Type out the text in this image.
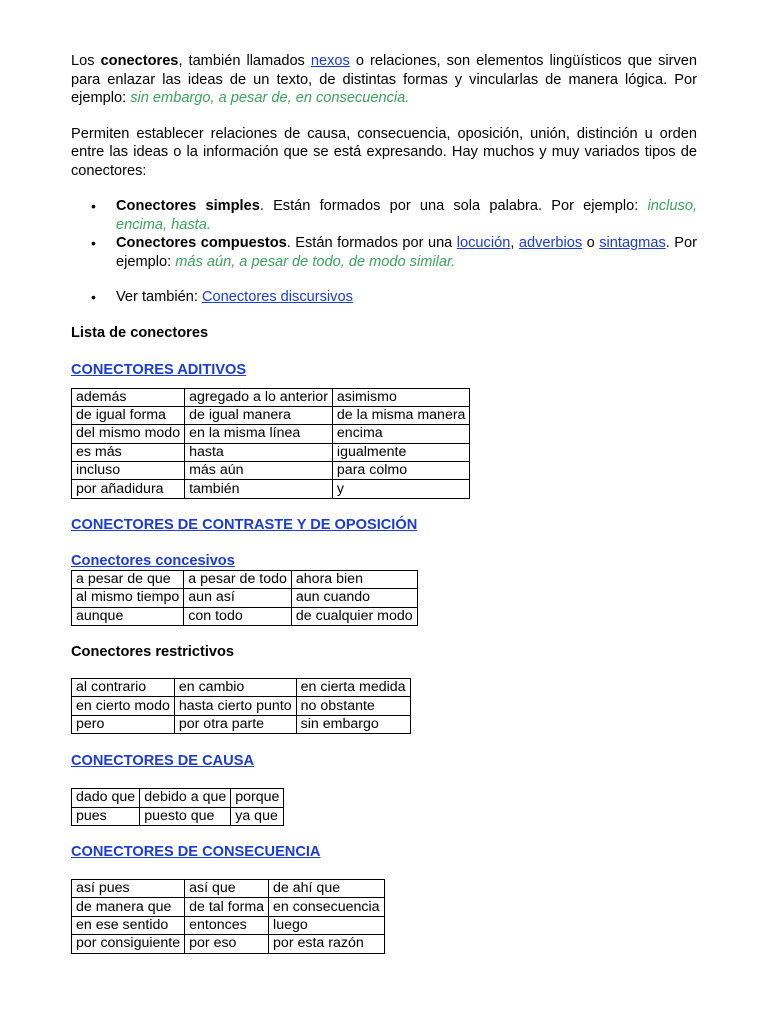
Los conectores, también llamados nexos o relaciones, son elementos lingüísticos que sirven para enlazar las ideas de un texto, de distintas formas y vincularlas de manera lógica. Por ejemplo: sin embargo, a pesar de, en consecuencia.

Permiten establecer relaciones de causa, consecuencia, oposición, unión, distinción u orden entre las ideas o la información que se está expresando. Hay muchos y muy variados tipos de conectores:

• Conectores simples. Están formados por una sola palabra. Por ejemplo: incluso, encima, hasta.
• Conectores compuestos. Están formados por una locución, adverbios o sintagmas. Por ejemplo: más aún, a pesar de todo, de modo similar.
• Ver también: Conectores discursivos

Lista de conectores

CONECTORES ADITIVOS

además	agregado a lo anterior	asimismo
de igual forma	de igual manera	de la misma manera
del mismo modo	en la misma línea	encima
es más	hasta	igualmente
incluso	más aún	para colmo
por añadidura	también	y

CONECTORES DE CONTRASTE Y DE OPOSICIÓN

Conectores concesivos

a pesar de que	a pesar de todo	ahora bien
al mismo tiempo	aun así	aun cuando
aunque	con todo	de cualquier modo

Conectores restrictivos

al contrario	en cambio	en cierta medida
en cierto modo	hasta cierto punto	no obstante
pero	por otra parte	sin embargo

CONECTORES DE CAUSA

dado que	debido a que	porque
pues	puesto que	ya que

CONECTORES DE CONSECUENCIA

así pues	así que	de ahí que
de manera que	de tal forma	en consecuencia
en ese sentido	entonces	luego
por consiguiente	por eso	por esta razón
